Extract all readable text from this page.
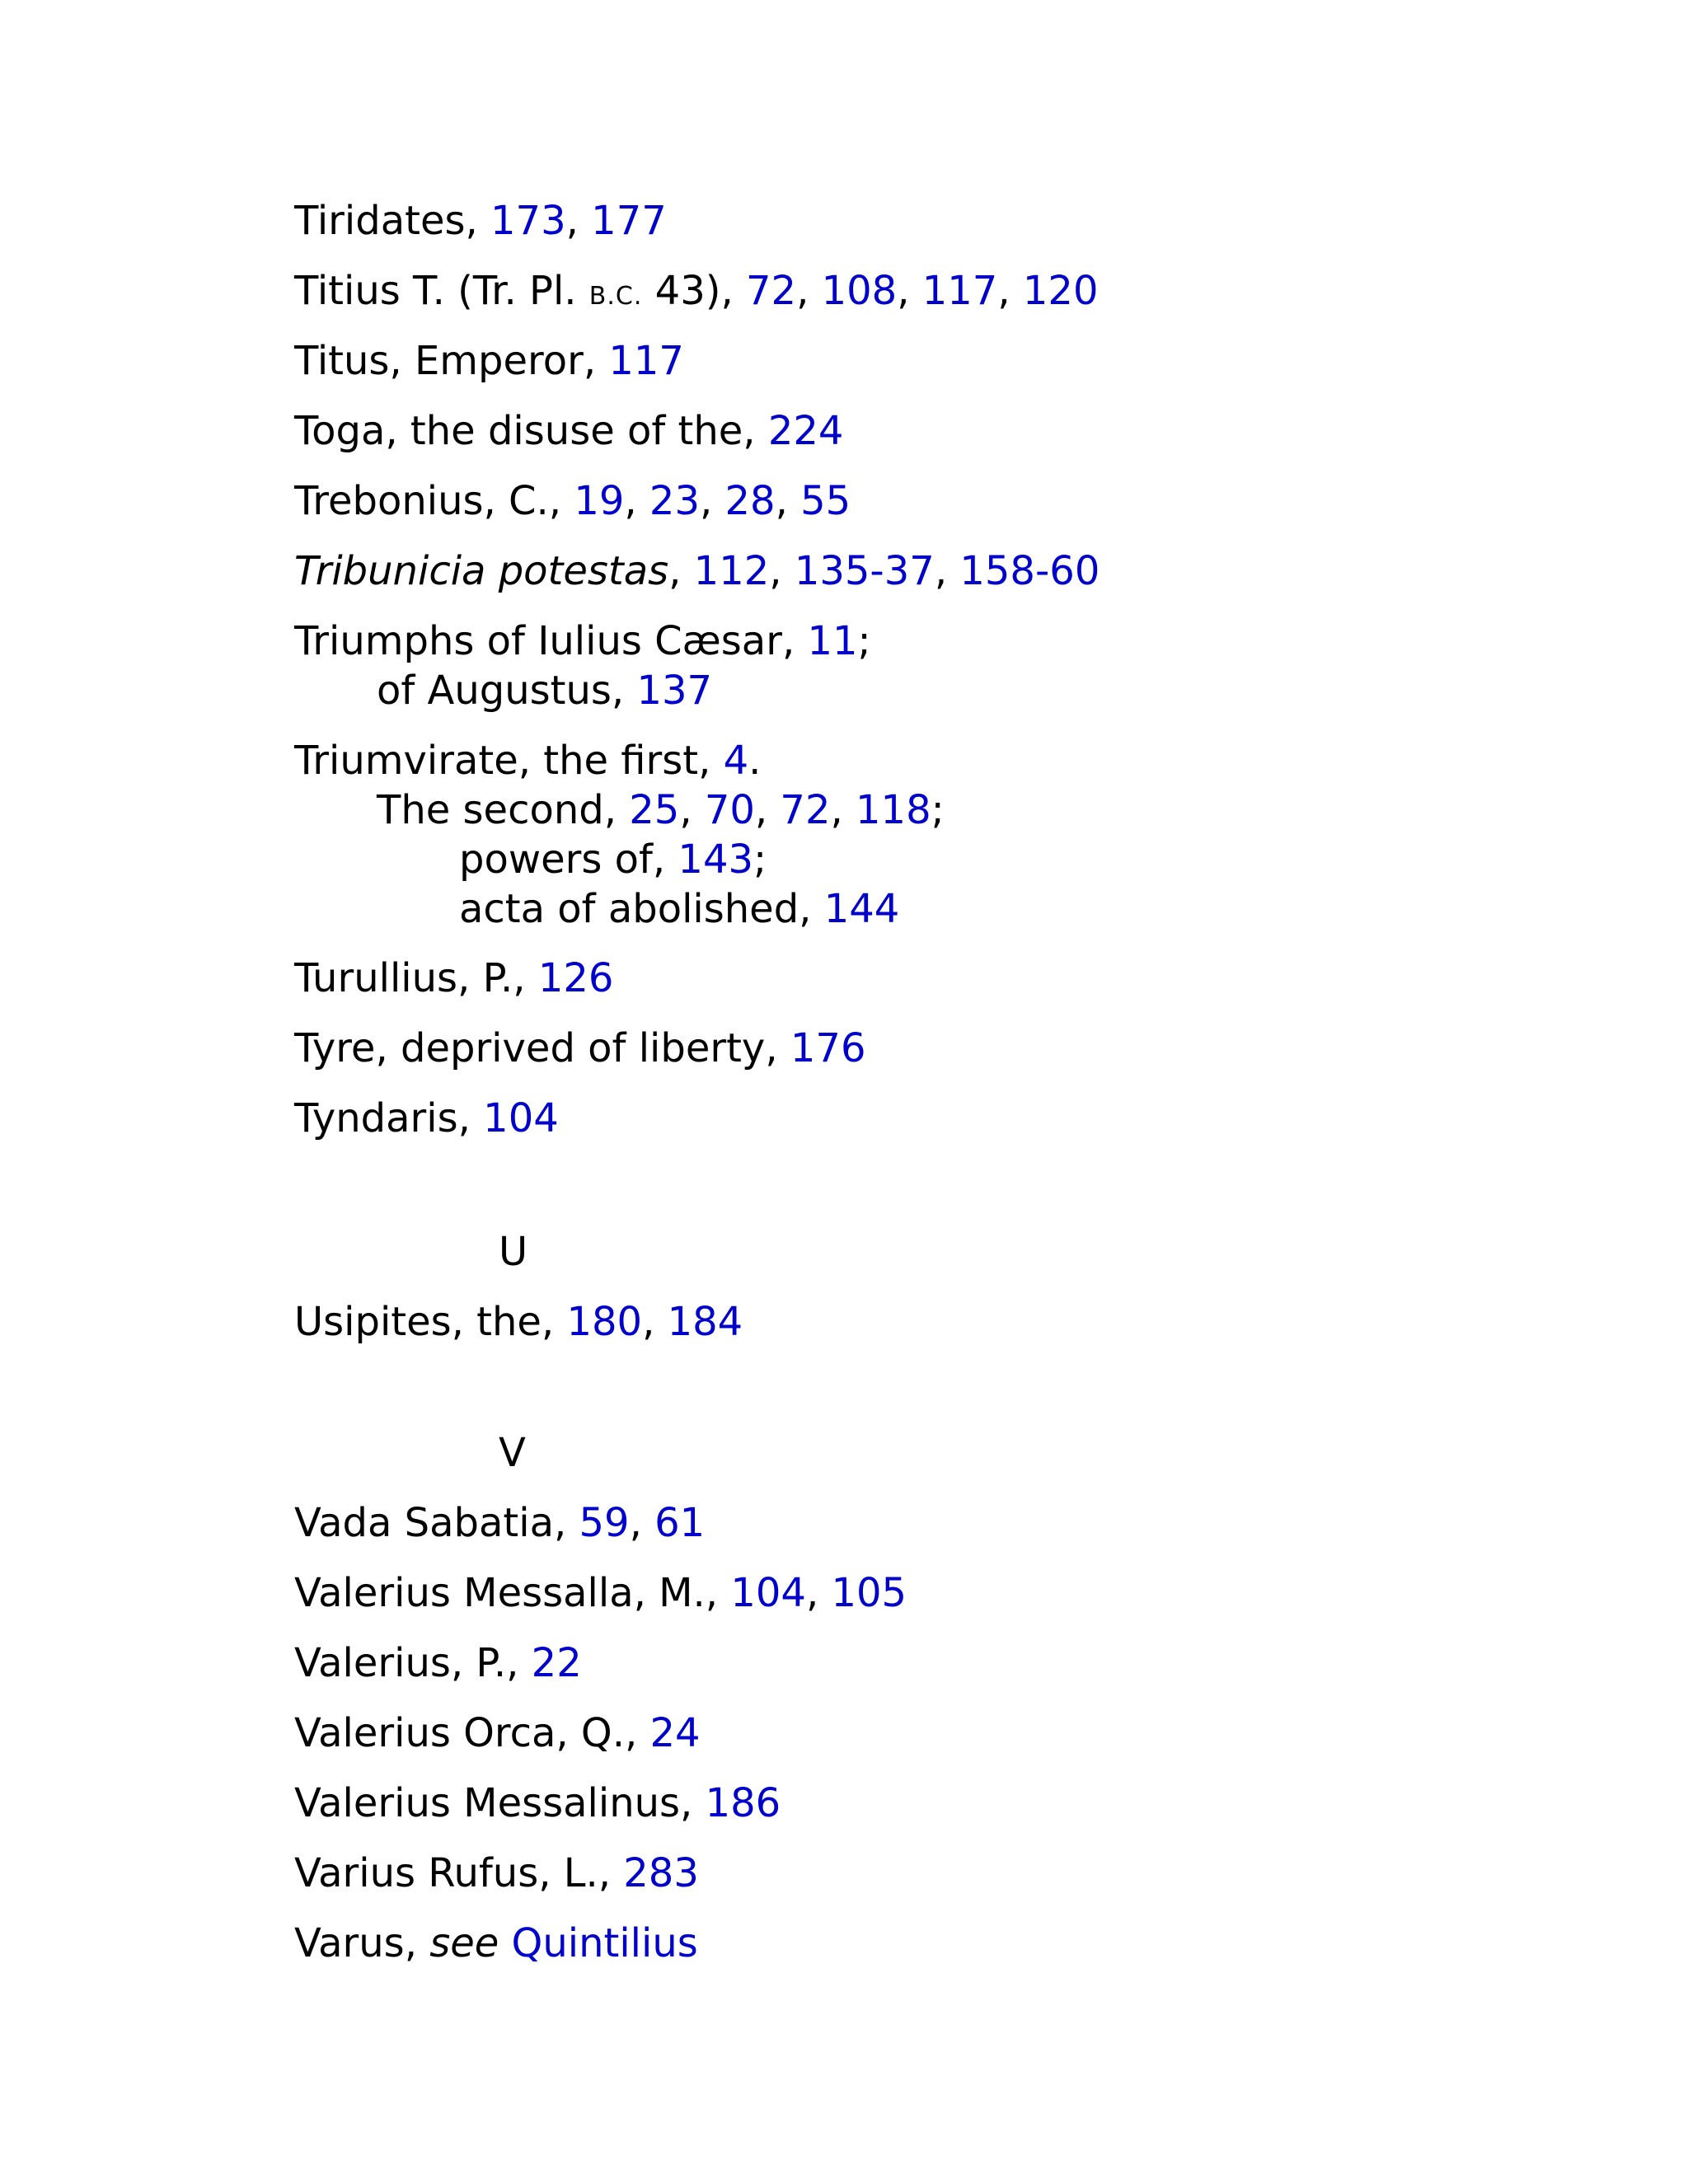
Tiridates, 173, 177
Titius T. (Tr. Pl. B.C. 43), 72, 108, 117, 120
Titus, Emperor, 117
Toga, the disuse of the, 224
Trebonius, C., 19, 23, 28, 55
Tribunicia potestas, 112, 135-37, 158-60
Triumphs of Iulius Cæsar, 11;
of Augustus, 137
Triumvirate, the first, 4.
The second, 25, 70, 72, 118;
powers of, 143;
acta of abolished, 144
Turullius, P., 126
Tyre, deprived of liberty, 176
Tyndaris, 104
U
Usipites, the, 180, 184
V
Vada Sabatia, 59, 61
Valerius Messalla, M., 104, 105
Valerius, P., 22
Valerius Orca, Q., 24
Valerius Messalinus, 186
Varius Rufus, L., 283
Varus, see Quintilius
